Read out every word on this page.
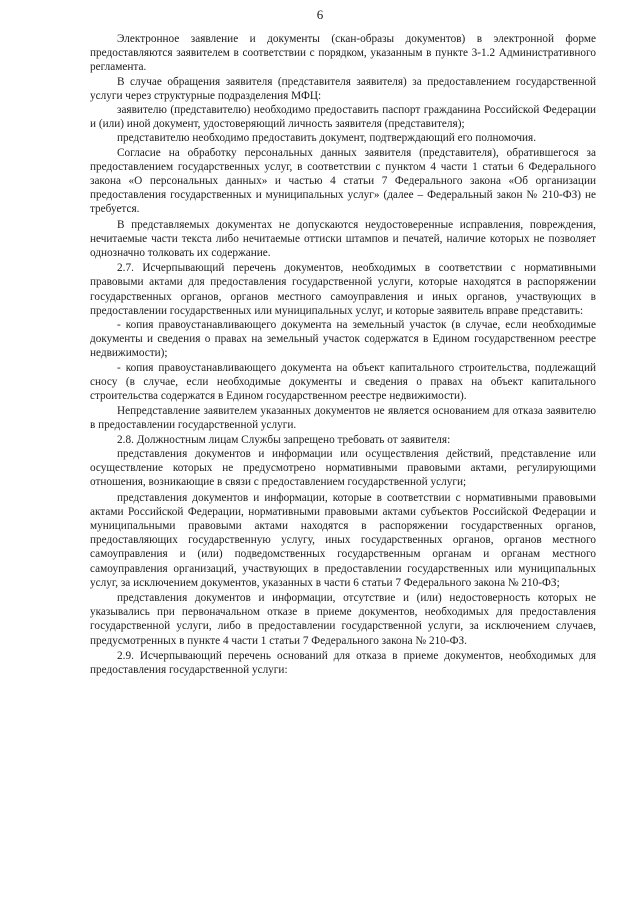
6

Электронное заявление и документы (скан-образы документов) в электронной форме предоставляются заявителем в соответствии с порядком, указанным в пункте 3-1.2 Административного регламента.

В случае обращения заявителя (представителя заявителя) за предоставлением государственной услуги через структурные подразделения МФЦ:

заявителю (представителю) необходимо предоставить паспорт гражданина Российской Федерации и (или) иной документ, удостоверяющий личность заявителя (представителя);

представителю необходимо предоставить документ, подтверждающий его полномочия.

Согласие на обработку персональных данных заявителя (представителя), обратившегося за предоставлением государственных услуг, в соответствии с пунктом 4 части 1 статьи 6 Федерального закона «О персональных данных» и частью 4 статьи 7 Федерального закона «Об организации предоставления государственных и муниципальных услуг» (далее – Федеральный закон № 210-ФЗ) не требуется.

В представляемых документах не допускаются неудостоверенные исправления, повреждения, нечитаемые части текста либо нечитаемые оттиски штампов и печатей, наличие которых не позволяет однозначно толковать их содержание.

2.7. Исчерпывающий перечень документов, необходимых в соответствии с нормативными правовыми актами для предоставления государственной услуги, которые находятся в распоряжении государственных органов, органов местного самоуправления и иных органов, участвующих в предоставлении государственных или муниципальных услуг, и которые заявитель вправе представить:

- копия правоустанавливающего документа на земельный участок (в случае, если необходимые документы и сведения о правах на земельный участок содержатся в Едином государственном реестре недвижимости);

- копия правоустанавливающего документа на объект капитального строительства, подлежащий сносу (в случае, если необходимые документы и сведения о правах на объект капитального строительства содержатся в Едином государственном реестре недвижимости).

Непредставление заявителем указанных документов не является основанием для отказа заявителю в предоставлении государственной услуги.

2.8. Должностным лицам Службы запрещено требовать от заявителя:

представления документов и информации или осуществления действий, представление или осуществление которых не предусмотрено нормативными правовыми актами, регулирующими отношения, возникающие в связи с предоставлением государственной услуги;

представления документов и информации, которые в соответствии с нормативными правовыми актами Российской Федерации, нормативными правовыми актами субъектов Российской Федерации и муниципальными правовыми актами находятся в распоряжении государственных органов, предоставляющих государственную услугу, иных государственных органов, органов местного самоуправления и (или) подведомственных государственным органам и органам местного самоуправления организаций, участвующих в предоставлении государственных или муниципальных услуг, за исключением документов, указанных в части 6 статьи 7 Федерального закона № 210-ФЗ;

представления документов и информации, отсутствие и (или) недостоверность которых не указывались при первоначальном отказе в приеме документов, необходимых для предоставления государственной услуги, либо в предоставлении государственной услуги, за исключением случаев, предусмотренных в пункте 4 части 1 статьи 7 Федерального закона № 210-ФЗ.

2.9. Исчерпывающий перечень оснований для отказа в приеме документов, необходимых для предоставления государственной услуги:
